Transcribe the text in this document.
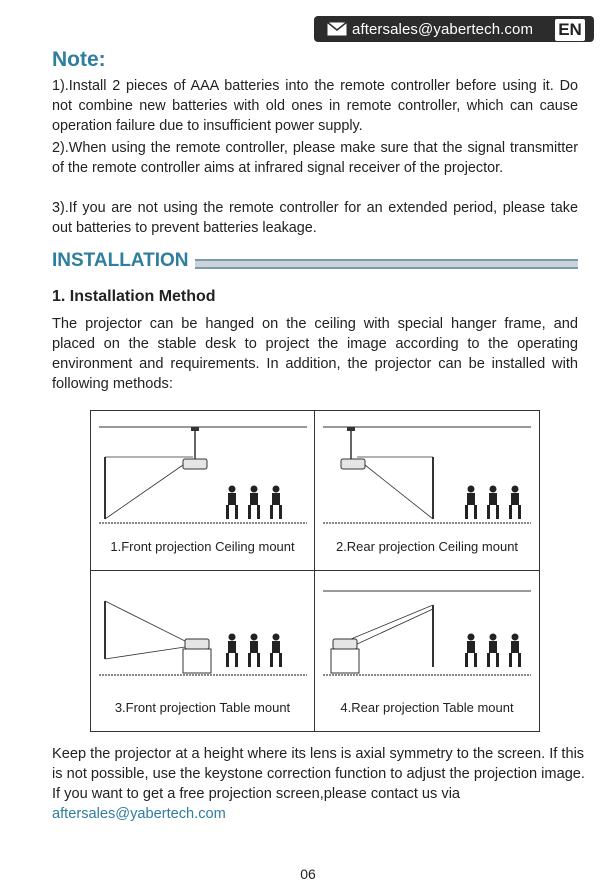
aftersales@yabertech.com EN
Note:

1).Install 2 pieces of AAA batteries into the remote controller before using it. Do not combine new batteries with old ones in remote controller, which can cause operation failure due to insufficient power supply.

2).When using the remote controller, please make sure that the signal transmitter of the remote controller aims at infrared signal receiver of the projector.

3).If you are not using the remote controller for an extended period, please take out batteries to prevent batteries leakage.

INSTALLATION
1. Installation Method

The projector can be hanged on the ceiling with special hanger frame, and placed on the stable desk to project the image according to the operating environment and requirements. In addition, the projector can be installed with following methods:

1.Front projection Ceiling mount	2.Rear projection Ceiling mount

3.Front projection Table mount	4.Rear projection Table mount

Keep the projector at a height where its lens is axial symmetry to the screen. If this is not possible, use the keystone correction function to adjust the projection image.
If you want to get a free projection screen,please contact us via
aftersales@yabertech.com

06
